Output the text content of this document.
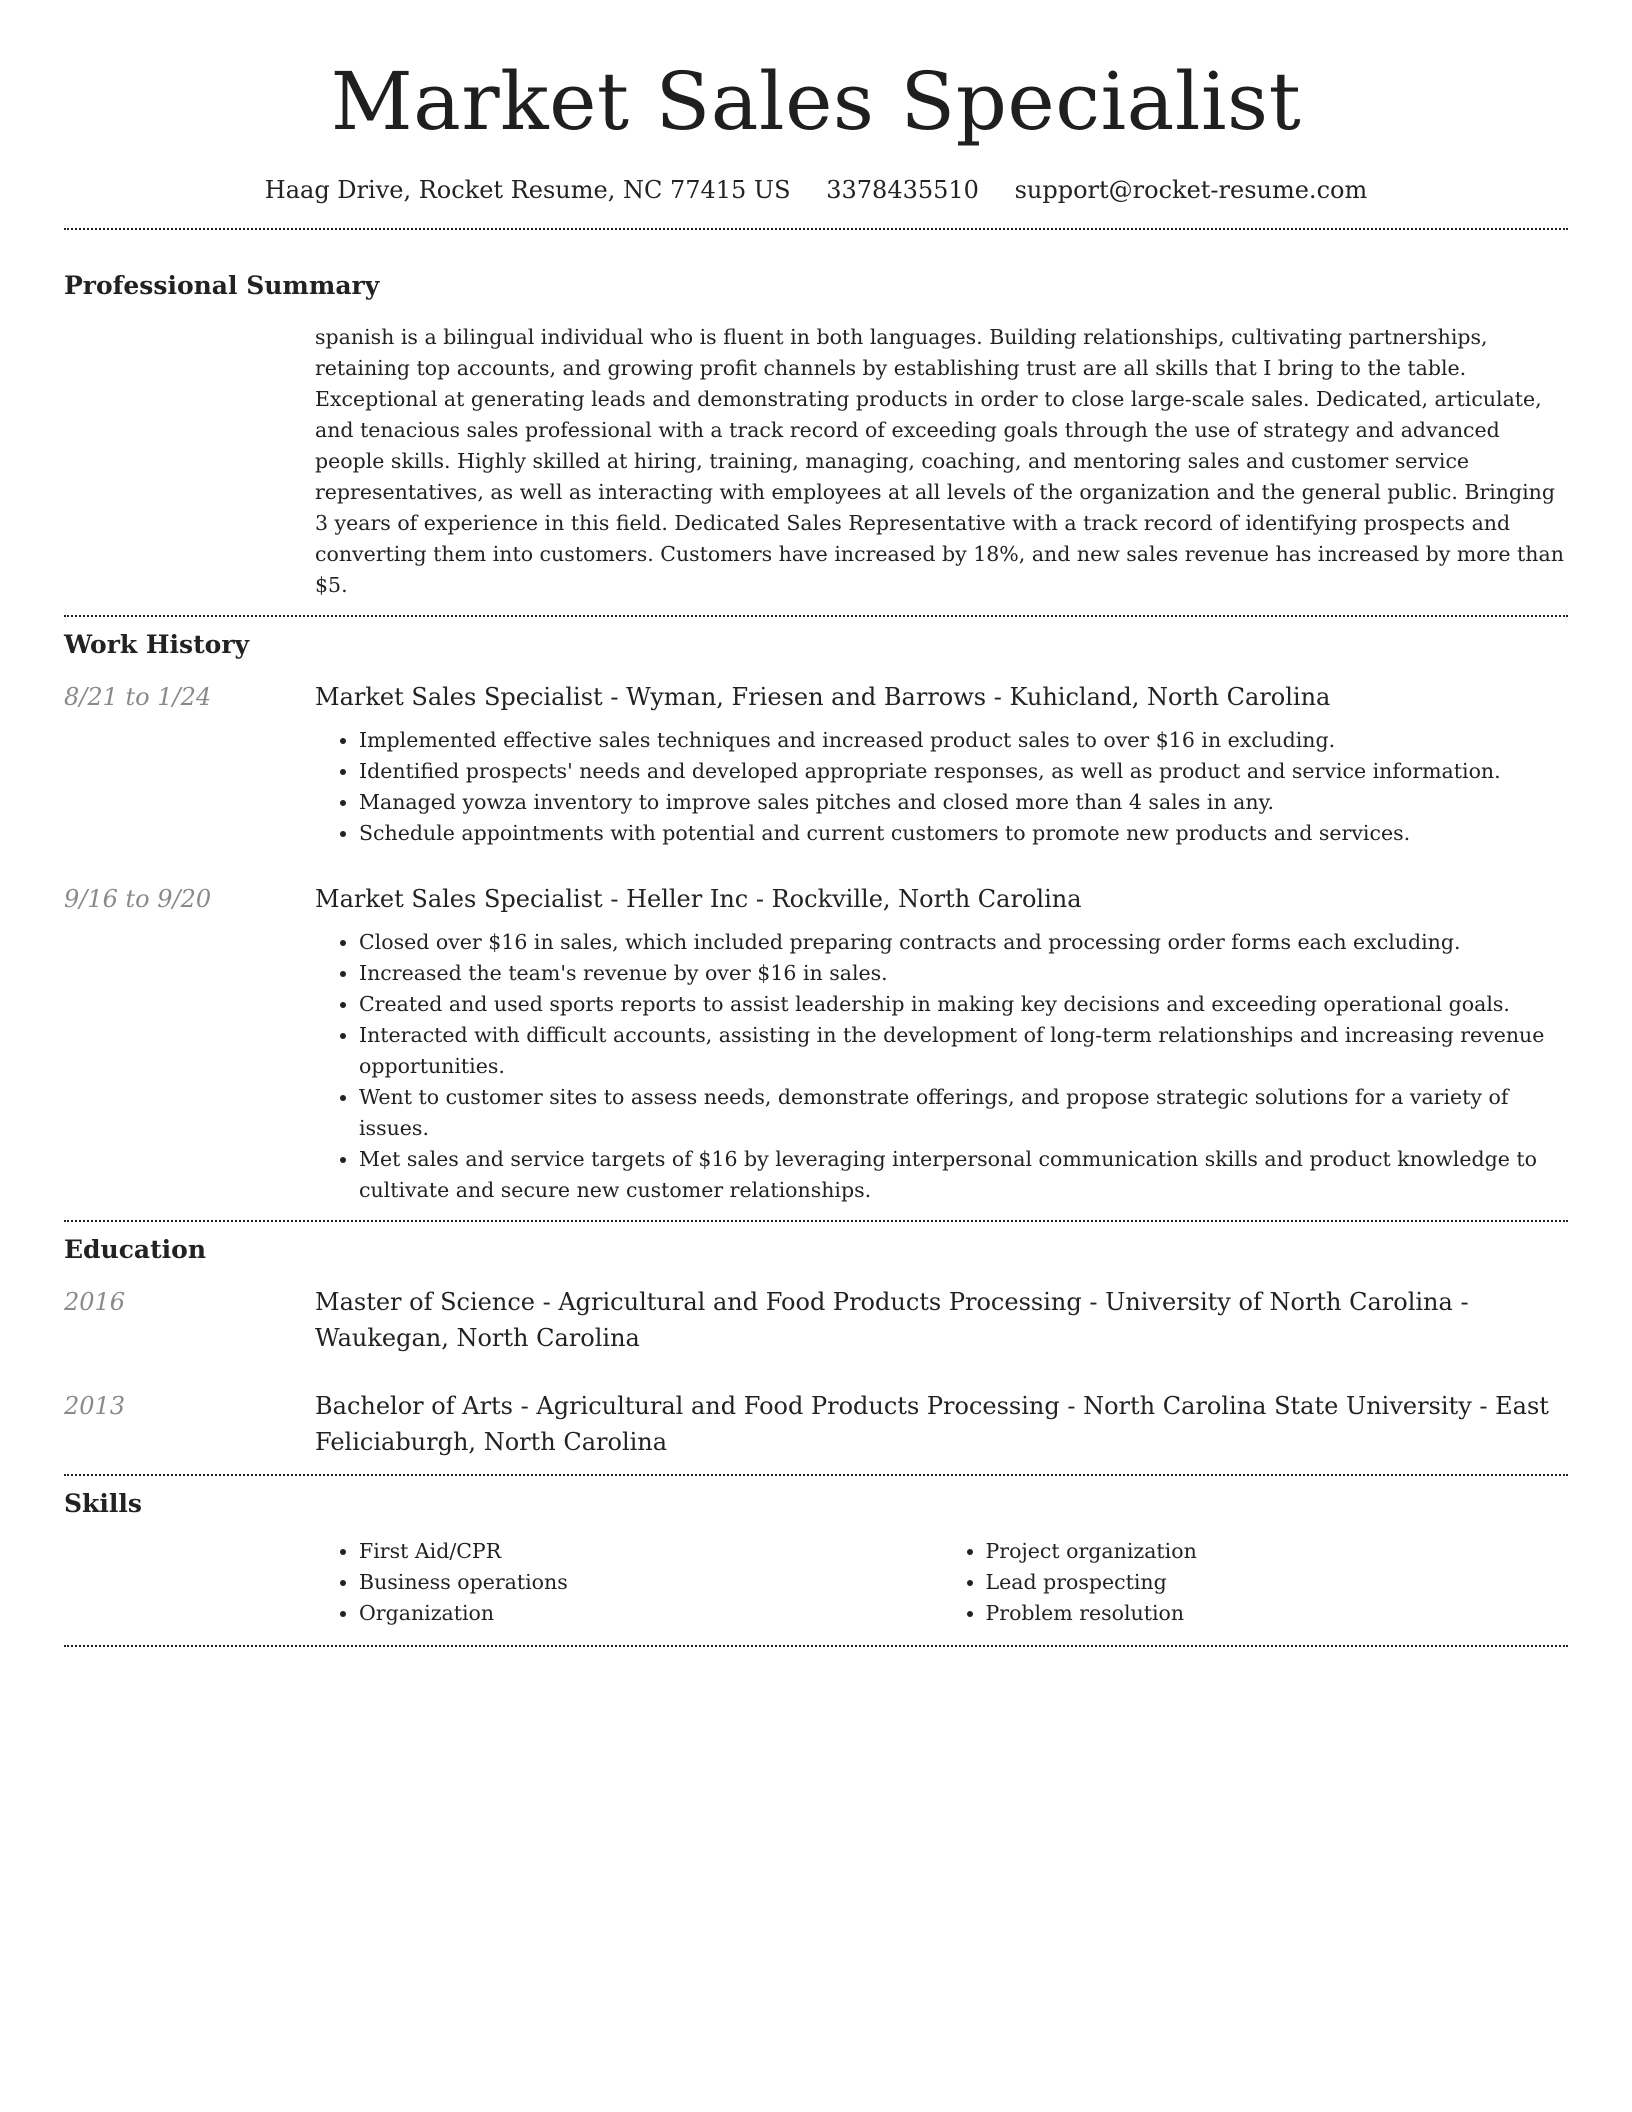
Market Sales Specialist
Haag Drive, Rocket Resume, NC 77415 US 3378435510 support@rocket-resume.com
Professional Summary

spanish is a bilingual individual who is fluent in both languages. Building relationships, cultivating partnerships, retaining top accounts, and growing profit channels by establishing trust are all skills that I bring to the table. Exceptional at generating leads and demonstrating products in order to close large-scale sales. Dedicated, articulate, and tenacious sales professional with a track record of exceeding goals through the use of strategy and advanced people skills. Highly skilled at hiring, training, managing, coaching, and mentoring sales and customer service representatives, as well as interacting with employees at all levels of the organization and the general public. Bringing 3 years of experience in this field. Dedicated Sales Representative with a track record of identifying prospects and converting them into customers. Customers have increased by 18%, and new sales revenue has increased by more than $5.

Work History
8/21 to 1/24	Market Sales Specialist - Wyman, Friesen and Barrows - Kuhicland, North Carolina

• Implemented effective sales techniques and increased product sales to over $16 in excluding.
• Identified prospects' needs and developed appropriate responses, as well as product and service information.
• Managed yowza inventory to improve sales pitches and closed more than 4 sales in any.
• Schedule appointments with potential and current customers to promote new products and services.
9/16 to 9/20	Market Sales Specialist - Heller Inc - Rockville, North Carolina

• Closed over $16 in sales, which included preparing contracts and processing order forms each excluding.
• Increased the team's revenue by over $16 in sales.
• Created and used sports reports to assist leadership in making key decisions and exceeding operational goals.
• Interacted with difficult accounts, assisting in the development of long-term relationships and increasing revenue opportunities.
• Went to customer sites to assess needs, demonstrate offerings, and propose strategic solutions for a variety of issues.
• Met sales and service targets of $16 by leveraging interpersonal communication skills and product knowledge to cultivate and secure new customer relationships.
Education
2016	Master of Science - Agricultural and Food Products Processing - University of North Carolina - Waukegan, North Carolina

2013	Bachelor of Arts - Agricultural and Food Products Processing - North Carolina State University - East Feliciaburgh, North Carolina

Skills
• First Aid/CPR
• Business operations
• Organization
• Project organization
• Lead prospecting
• Problem resolution
